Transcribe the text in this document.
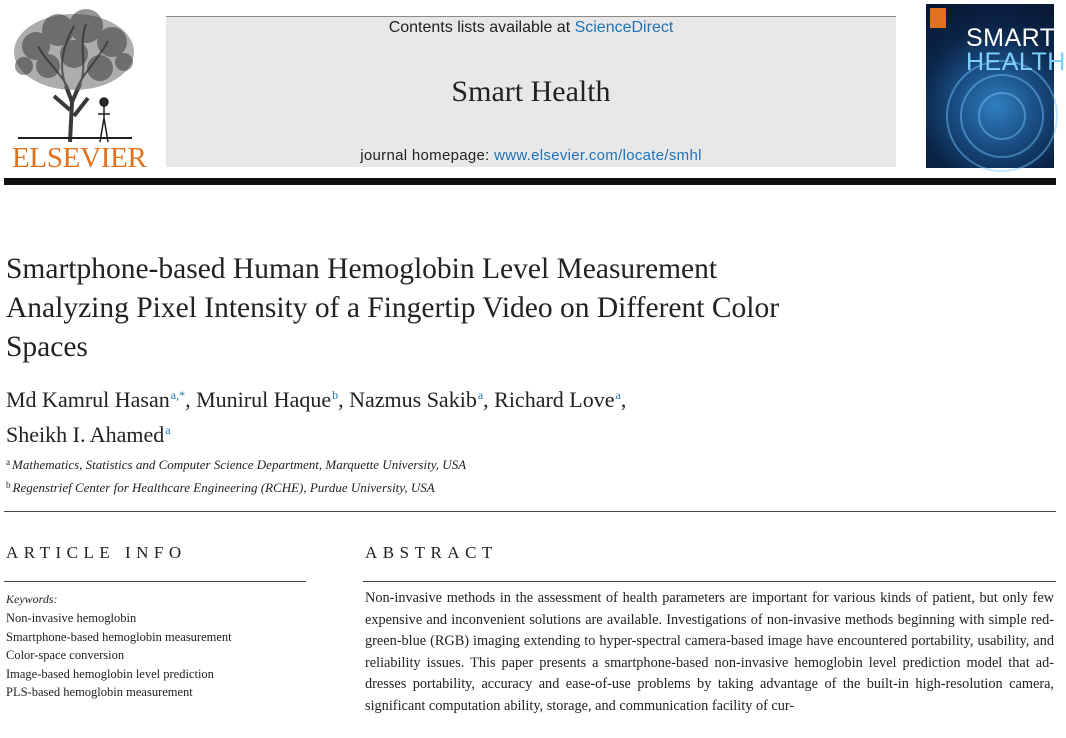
ELSEVIER
Contents lists available at ScienceDirect
Smart Health
journal homepage: www.elsevier.com/locate/smhl
SMART
HEALTH
Smartphone-based Human Hemoglobin Level Measurement
Analyzing Pixel Intensity of a Fingertip Video on Different Color
Spaces
Md Kamrul Hasan$^{a,*}$, Munirul Haque$^b$, Nazmus Sakib$^a$, Richard Love$^a$,
Sheikh I. Ahamed$^a$
$^a$ Mathematics, Statistics and Computer Science Department, Marquette University, USA
$^b$ Regenstrief Center for Healthcare Engineering (RCHE), Purdue University, USA
ARTICLE INFO
Keywords:
Non-invasive hemoglobin
Smartphone-based hemoglobin measurement
Color-space conversion
Image-based hemoglobin level prediction
PLS-based hemoglobin measurement
ABSTRACT
Non-invasive methods in the assessment of health parameters are important for various kinds of patient, but only few expensive and inconvenient solutions are available. Investigations of non-invasive methods beginning with simple red-green-blue (RGB) imaging extending to hyper-spectral camera-based image have encountered portability, usability, and reliability issues. This paper presents a smartphone-based non-invasive hemoglobin level prediction model that ad-dresses portability, accuracy and ease-of-use problems by taking advantage of the built-in high-resolution camera, significant computation ability, storage, and communication facility of cur-
